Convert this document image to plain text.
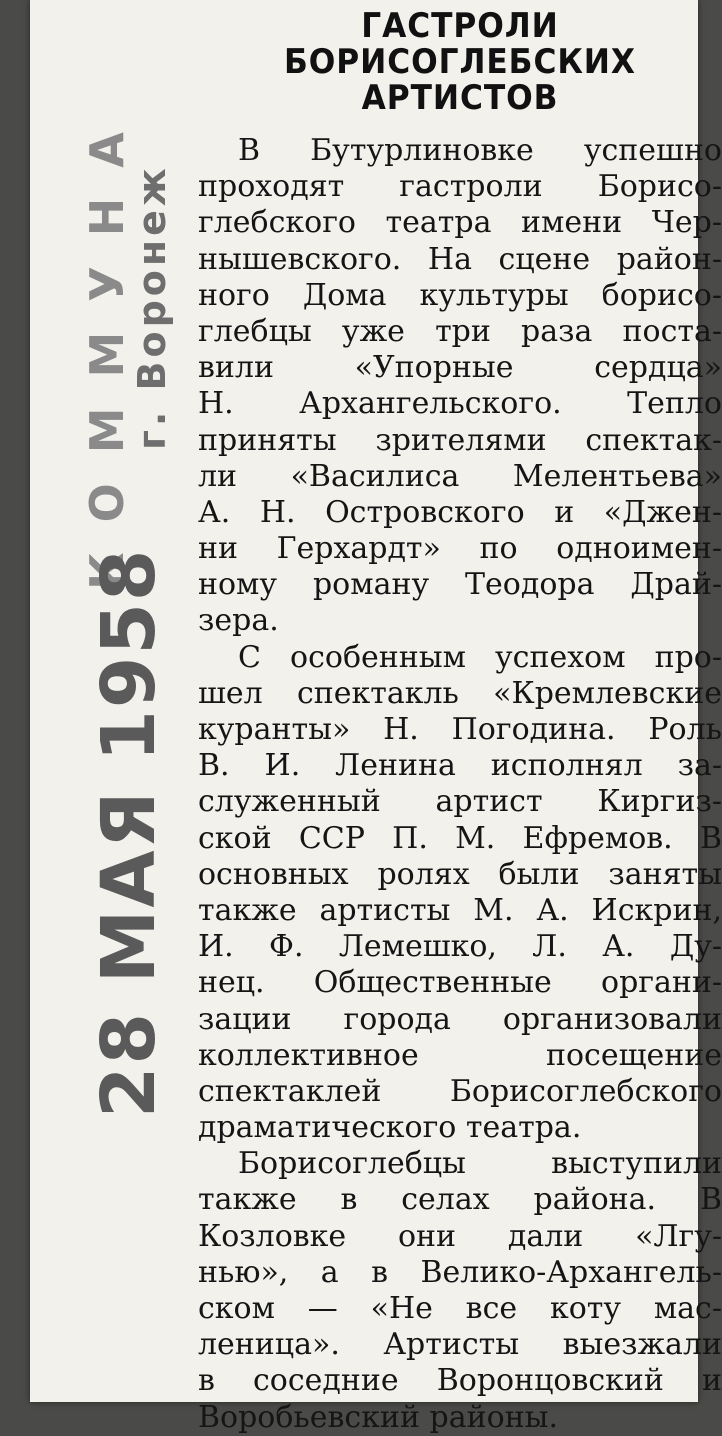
КОММУНА
г. Воронеж
28 МАЯ 1958
ГАСТРОЛИ
БОРИСОГЛЕБСКИХ
АРТИСТОВ
В Бутурлиновке успешно
проходят гастроли Борисо-
глебского театра имени Чер-
нышевского. На сцене район-
ного Дома культуры борисо-
глебцы уже три раза поста-
вили «Упорные сердца»
Н. Архангельского. Тепло
приняты зрителями спектак-
ли «Василиса Мелентьева»
А. Н. Островского и «Джен-
ни Герхардт» по одноимен-
ному роману Теодора Драй-
зера.
С особенным успехом про-
шел спектакль «Кремлевские
куранты» Н. Погодина. Роль
В. И. Ленина исполнял за-
служенный артист Киргиз-
ской ССР П. М. Ефремов. В
основных ролях были заняты
также артисты М. А. Искрин,
И. Ф. Лемешко, Л. А. Ду-
нец. Общественные органи-
зации города организовали
коллективное посещение
спектаклей Борисоглебского
драматического театра.
Борисоглебцы выступили
также в селах района. В
Козловке они дали «Лгу-
нью», а в Велико-Архангель-
ском — «Не все коту мас-
леница». Артисты выезжали
в соседние Воронцовский и
Воробьевский районы.
